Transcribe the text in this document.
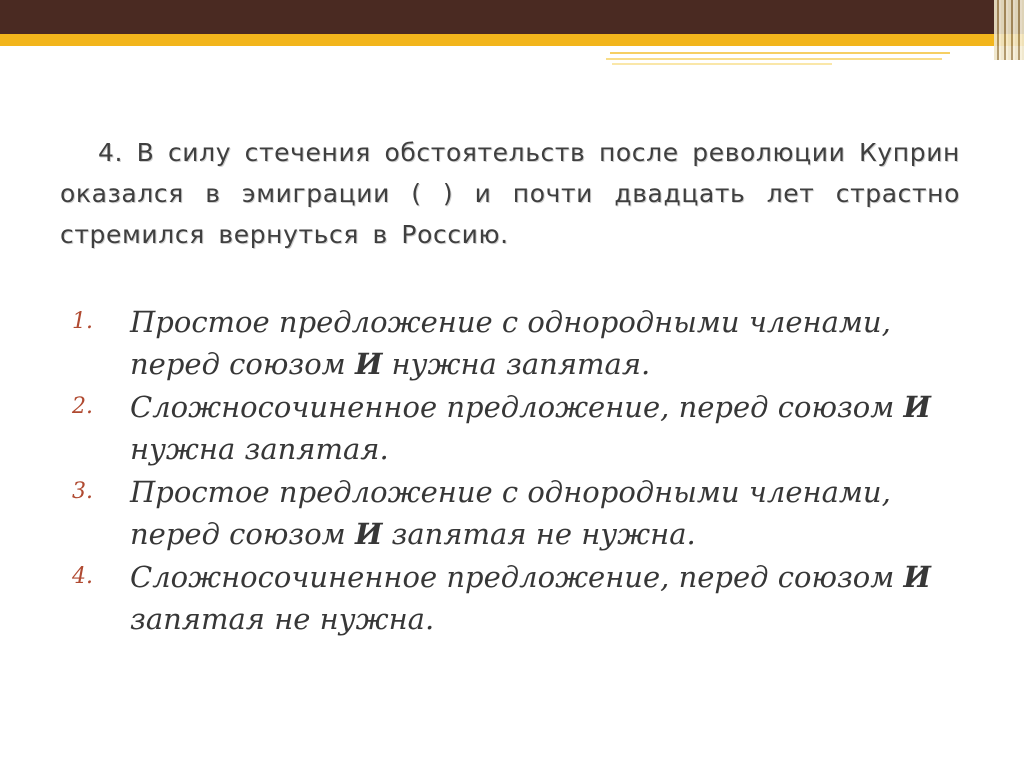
4. В силу стечения обстоятельств после революции Куприн оказался в эмиграции ( ) и почти двадцать лет страстно стремился вернуться в Россию.
1. Простое предложение с однородными членами, перед союзом И нужна запятая.
2. Сложносочиненное предложение, перед союзом И нужна запятая.
3. Простое предложение с однородными членами, перед союзом И запятая не нужна.
4. Сложносочиненное предложение, перед союзом И запятая не нужна.
